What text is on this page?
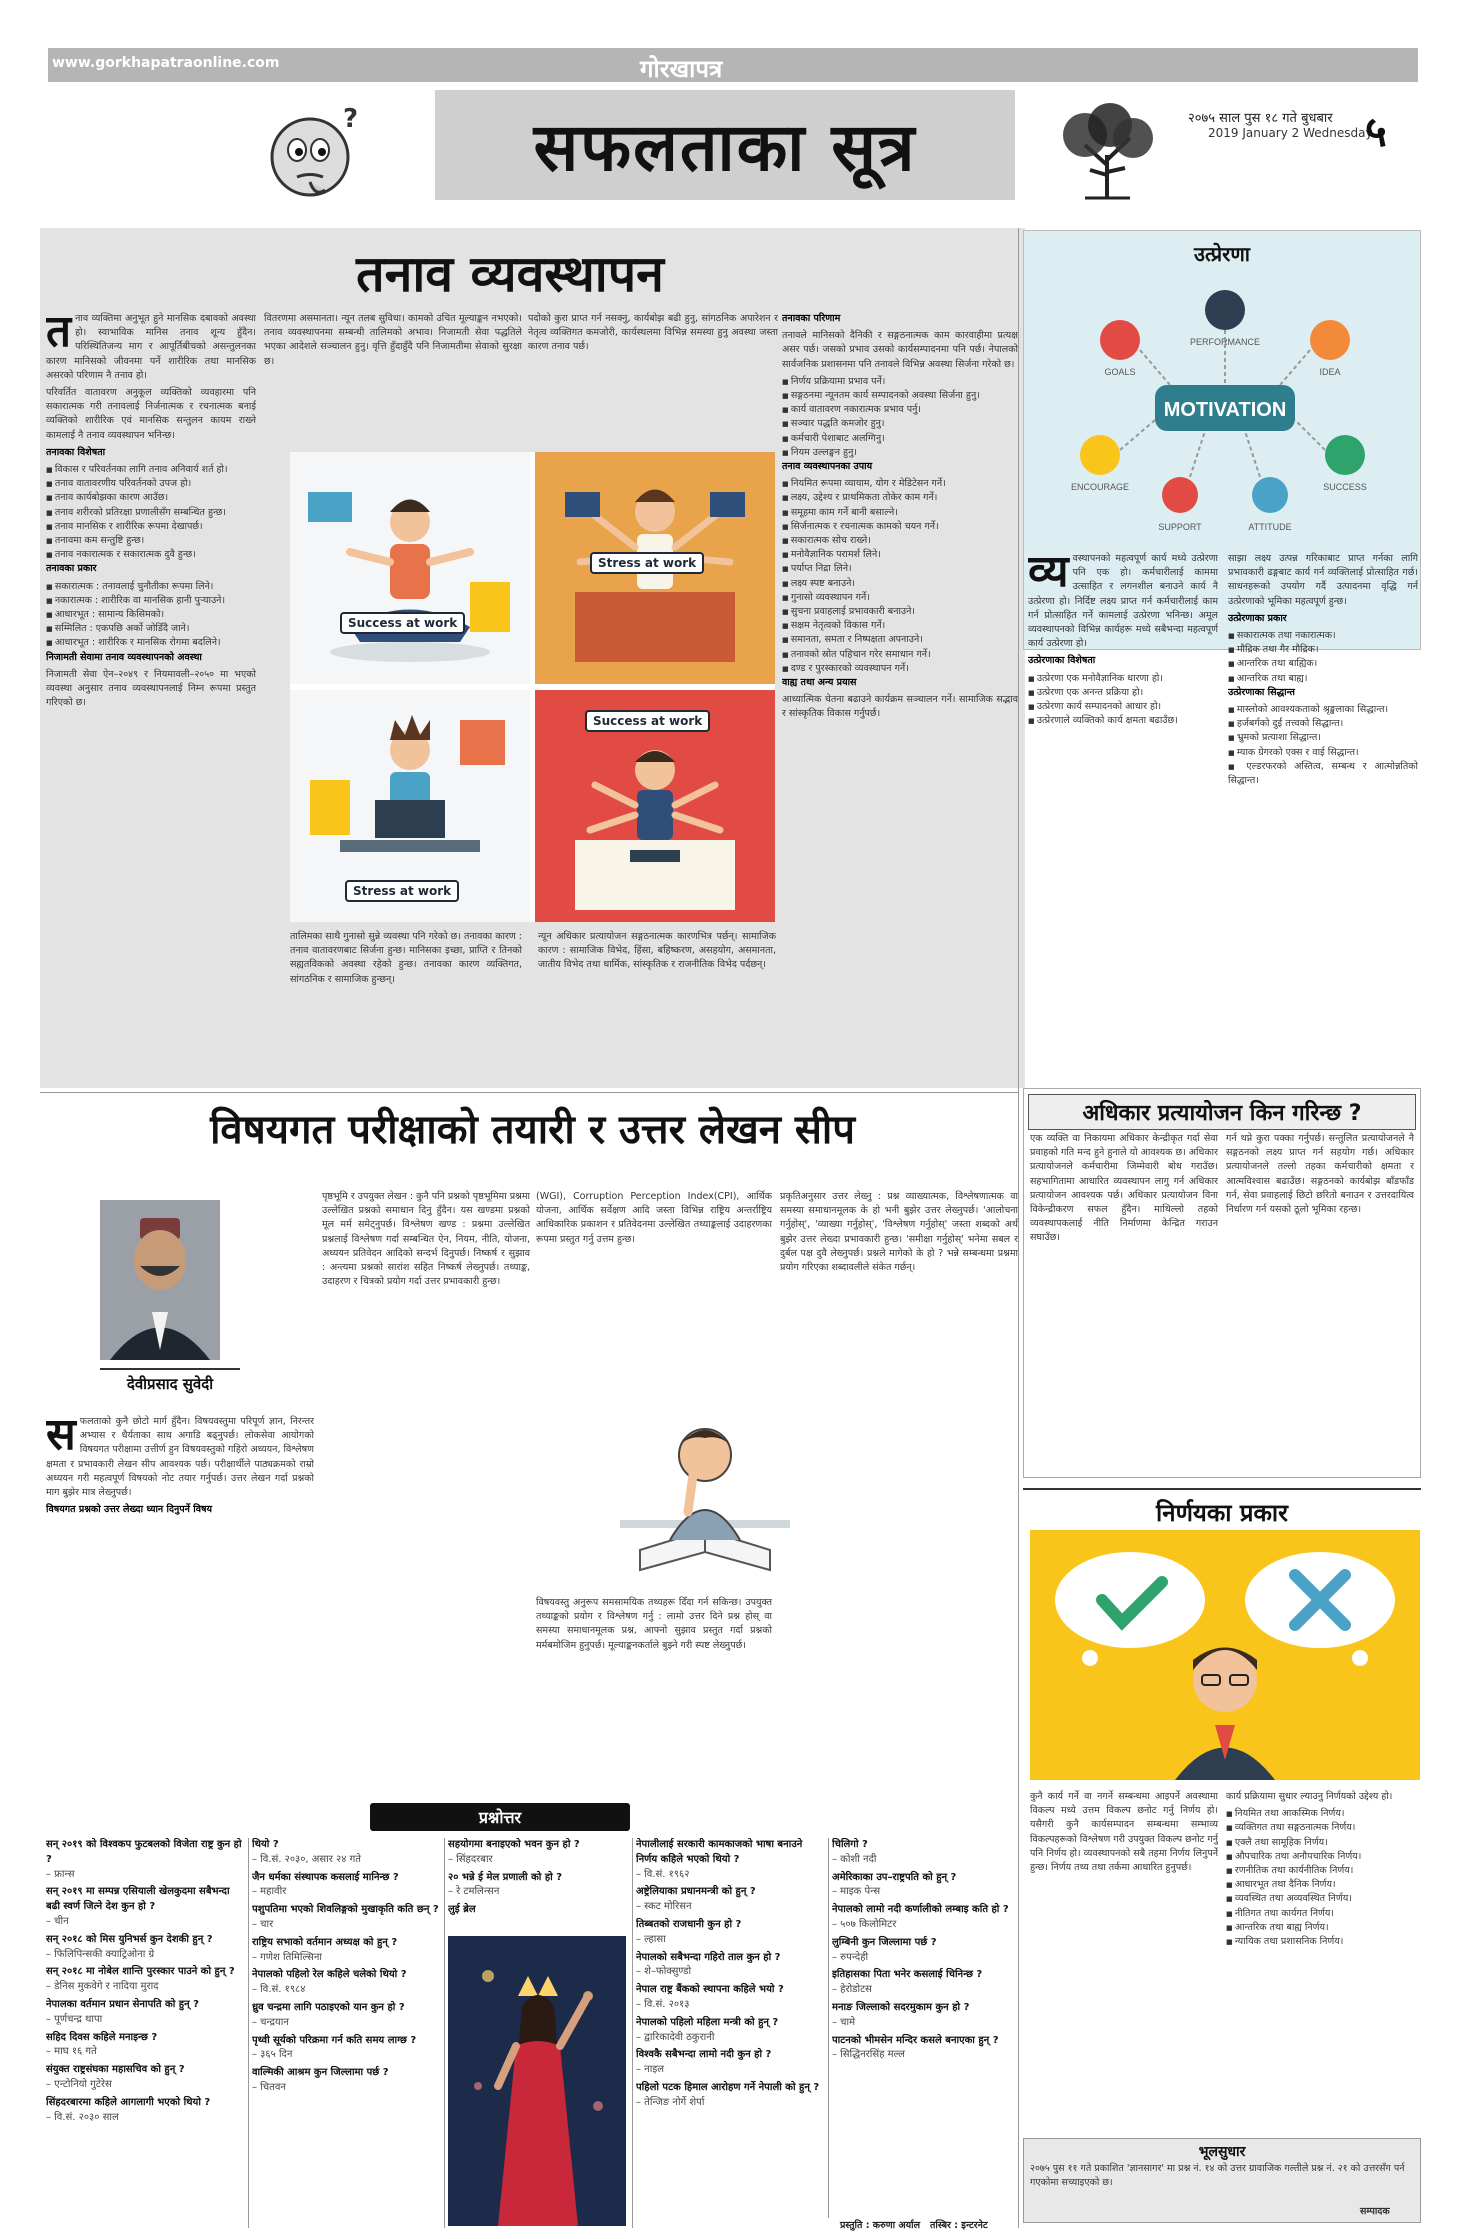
www.gorkhapatraonline.com	गोरखापत्र
सफलताका सूत्र
?	२०७५ साल पुस १८ गते बुधबार
2019 January 2 Wednesday
५
तनाव व्यवस्थापन
त नाव व्यक्तिमा अनुभूत हुने मानसिक दबावको अवस्था हो। स्वाभाविक मानिस तनाव शून्य हुँदैन। परिस्थितिजन्य माग र आपूर्तिबीचको असन्तुलनका कारण मानिसको जीवनमा पर्ने शारीरिक तथा मानसिक असरको परिणाम नै तनाव हो।

परिवर्तित वातावरण अनुकूल व्यक्तिको व्यवहारमा पनि सकारात्मक गरी तनावलाई निर्जनात्मक र रचनात्मक बनाई व्यक्तिको शारीरिक एवं मानसिक सन्तुलन कायम राख्ने कामलाई नै तनाव व्यवस्थापन भनिन्छ।

तनावका विशेषता

■ विकास र परिवर्तनका लागि तनाव अनिवार्य शर्त हो।
■ तनाव वातावरणीय परिवर्तनको उपज हो।
■ तनाव कार्यबोझका कारण आउँछ।
■ तनाव शरीरको प्रतिरक्षा प्रणालीसँग सम्बन्धित हुन्छ।
■ तनाव मानसिक र शारीरिक रूपमा देखापर्छ।
■ तनावमा कम सन्तुष्टि हुन्छ।
■ तनाव नकारात्मक र सकारात्मक दुवै हुन्छ।

तनावका प्रकार

■ सकारात्मक : तनावलाई चुनौतीका रूपमा लिने।
■ नकारात्मक : शारीरिक वा मानसिक हानी पुऱ्याउने।
■ आधारभूत : सामान्य किसिमको।
■ सम्मिलित : एकपछि अर्को जोडिँदै जाने।
■ आधारभूत : शारीरिक र मानसिक रोगमा बदलिने।

निजामती सेवामा तनाव व्यवस्थापनको अवस्था

निजामती सेवा ऐन–२०४९ र नियमावली–२०५० मा भएको व्यवस्था अनुसार तनाव व्यवस्थापनलाई निम्न रूपमा प्रस्तुत गरिएको छ।

वितरणमा असमानता। न्यून तलब सुविधा। कामको उचित मूल्याङ्कन नभएको। तनाव व्यवस्थापनमा सम्बन्धी तालिमको अभाव। निजामती सेवा पद्धतिले भएका आदेशले सञ्चालन हुनु। वृत्ति हुँदाहुँदै पनि निजामतीमा सेवाको सुरक्षा छ।
पदोको कुरा प्राप्त गर्न नसक्नु, कार्यबोझ बढी हुनु, सांगठनिक अपारेशन र नेतृत्व व्यक्तिगत कमजोरी, कार्यस्थलमा विभिन्न समस्या हुनु अवस्था जस्ता कारण तनाव पर्छ।

तनावका परिणाम

तनावले मानिसको दैनिकी र सङ्गठनात्मक काम कारवाहीमा प्रत्यक्ष असर पर्छ। जसको प्रभाव उसको कार्यसम्पादनमा पनि पर्छ। नेपालको सार्वजनिक प्रशासनमा पनि तनावले विभिन्न अवस्था सिर्जना गरेको छ।

■ निर्णय प्रक्रियामा प्रभाव पर्ने।
■ सङ्गठनमा न्यूनतम कार्य सम्पादनको अवस्था सिर्जना हुनु।
■ कार्य वातावरण नकारात्मक प्रभाव पर्नु।
■ सञ्चार पद्धति कमजोर हुनु।
■ कर्मचारी पेशाबाट अलग्गिनु।
■ नियम उल्लङ्घन हुनु।

तनाव व्यवस्थापनका उपाय

■ नियमित रूपमा व्यायाम, योग र मेडिटेसन गर्ने।
■ लक्ष्य, उद्देश्य र प्राथमिकता तोकेर काम गर्ने।
■ समूहमा काम गर्ने बानी बसाल्ने।
■ सिर्जनात्मक र रचनात्मक कामको चयन गर्ने।
■ सकारात्मक सोच राख्ने।
■ मनोवैज्ञानिक परामर्श लिने।
■ पर्याप्त निद्रा लिने।
■ लक्ष्य स्पष्ट बनाउने।
■ गुनासो व्यवस्थापन गर्ने।
■ सुचना प्रवाहलाई प्रभावकारी बनाउने।
■ सक्षम नेतृत्वको विकास गर्ने।
■ समानता, समता र निष्पक्षता अपनाउने।
■ तनावको स्रोत पहिचान गरेर समाधान गर्ने।
■ दण्ड र पुरस्कारको व्यवस्थापन गर्ने।

वाह्य तथा अन्य प्रयास

आध्यात्मिक चेतना बढाउने कार्यक्रम सञ्चालन गर्ने। सामाजिक सद्भाव र सांस्कृतिक विकास गर्नुपर्छ।

तालिमका साथै गुनासो सुन्ने व्यवस्था पनि गरेको छ। तनावका कारण : तनाव वातावरणबाट सिर्जना हुन्छ। मानिसका इच्छा, प्राप्ति र तिनको सह्यतविकको अवस्था रहेको हुन्छ। तनावका कारण व्यक्तिगत, सांगठनिक र सामाजिक हुन्छन्।
न्यून अधिकार प्रत्यायोजन सङ्गठनात्मक कारणभित्र पर्छन्। सामाजिक कारण : सामाजिक विभेद, हिंसा, बहिष्करण, असहयोग, असमानता, जातीय विभेद तथा धार्मिक, सांस्कृतिक र राजनीतिक विभेद पर्दछन्।
Success at work
Stress at work
Stress at work
Success at work
उत्प्रेरणा
MOTIVATION
GOALS
PERFORMANCE
IDEA
ENCOURAGE	SUCCESS
SUPPORT	ATTITUDE
व्य वस्थापनको महत्वपूर्ण कार्य मध्ये उत्प्रेरणा पनि एक हो। कर्मचारीलाई काममा उत्साहित र लगनशील बनाउने कार्य नै उत्प्रेरणा हो। निर्दिष्ट लक्ष्य प्राप्त गर्न कर्मचारीलाई काम गर्न प्रोत्साहित गर्ने कामलाई उत्प्रेरणा भनिन्छ। अमूल व्यवस्थापनको विभिन्न कार्यहरू मध्ये सबैभन्दा महत्वपूर्ण कार्य उत्प्रेरणा हो।

उत्प्रेरणाका विशेषता

■ उत्प्रेरणा एक मनोवैज्ञानिक धारणा हो।
■ उत्प्रेरणा एक अनन्त प्रक्रिया हो।
■ उत्प्रेरणा कार्य सम्पादनको आधार हो।
■ उत्प्रेरणाले व्यक्तिको कार्य क्षमता बढाउँछ।

साझा लक्ष्य उत्पन्न गरिकाबाट प्राप्त गर्नका लागि प्रभावकारी ढङ्गबाट कार्य गर्न व्यक्तिलाई प्रोत्साहित गर्छ। साधनहरूको उपयोग गर्दै उत्पादनमा वृद्धि गर्न उत्प्रेरणाको भूमिका महत्वपूर्ण हुन्छ।

उत्प्रेरणाका प्रकार

■ सकारात्मक तथा नकारात्मक।
■ मौद्रिक तथा गैर मौद्रिक।
■ आन्तरिक तथा बाह्यिक।
■ आन्तरिक तथा बाह्य।

उत्प्रेरणाका सिद्धान्त

■ मास्लोको आवश्यकताको श्रृङ्खलाका सिद्धान्त।
■ हर्जबर्गको दुई तत्त्वको सिद्धान्त।
■ भ्रुमको प्रत्याशा सिद्धान्त।
■ म्याक ग्रेगरको एक्स र वाई सिद्धान्त।
■ एल्डरफरको अस्तित्व, सम्बन्ध र आत्मोन्नतिको सिद्धान्त।
अधिकार प्रत्यायोजन किन गरिन्छ ?
एक व्यक्ति वा निकायमा अधिकार केन्द्रीकृत गर्दा सेवा प्रवाहको गति मन्द हुने हुनाले यो आवश्यक छ। अधिकार प्रत्यायोजनले कर्मचारीमा जिम्मेवारी बोध गराउँछ। सहभागितामा आधारित व्यवस्थापन लागु गर्न अधिकार प्रत्यायोजन आवश्यक पर्छ। अधिकार प्रत्यायोजन विना विकेन्द्रीकरण सफल हुँदैन। माथिल्लो तहको व्यवस्थापकलाई नीति निर्माणमा केन्द्रित गराउन सघाउँछ।
गर्न थप्ने कुरा पक्का गर्नुपर्छ। सन्तुलित प्रत्यायोजनले नै सङ्गठनको लक्ष्य प्राप्त गर्न सहयोग गर्छ। अधिकार प्रत्यायोजनले तल्लो तहका कर्मचारीको क्षमता र आत्मविश्वास बढाउँछ। सङ्गठनको कार्यबोझ बाँडफाँड गर्न, सेवा प्रवाहलाई छिटो छरितो बनाउन र उत्तरदायित्व निर्धारण गर्न यसको ठूलो भूमिका रहन्छ।
निर्णयका प्रकार
कुनै कार्य गर्ने वा नगर्ने सम्बन्धमा आइपर्ने अवस्थामा विकल्प मध्ये उत्तम विकल्प छनोट गर्नु निर्णय हो। यसैगरी कुनै कार्यसम्पादन सम्बन्धमा सम्भाव्य विकल्पहरूको विश्लेषण गरी उपयुक्त विकल्प छनोट गर्नु पनि निर्णय हो। व्यवस्थापनको सबै तहमा निर्णय लिनुपर्ने हुन्छ। निर्णय तथ्य तथा तर्कमा आधारित हुनुपर्छ।

कार्य प्रक्रियामा सुधार ल्याउनु निर्णयको उद्देश्य हो।

■ नियमित तथा आकस्मिक निर्णय।
■ व्यक्तिगत तथा सङ्गठनात्मक निर्णय।
■ एक्लै तथा सामूहिक निर्णय।
■ औपचारिक तथा अनौपचारिक निर्णय।
■ रणनीतिक तथा कार्यनीतिक निर्णय।
■ आधारभूत तथा दैनिक निर्णय।
■ व्यवस्थित तथा अव्यवस्थित निर्णय।
■ नीतिगत तथा कार्यगत निर्णय।
■ आन्तरिक तथा बाह्य निर्णय।
■ न्यायिक तथा प्रशासनिक निर्णय।
भूलसुधार
२०७५ पुस ११ गते प्रकाशित 'ज्ञानसागर' मा प्रश्न नं. १४ को उत्तर ग्रावाजिक गल्तीले प्रश्न नं. २१ को उत्तरसँग पर्न गएकोमा सच्याइएको छ।
सम्पादक
विषयगत परीक्षाको तयारी र उत्तर लेखन सीप
देवीप्रसाद सुवेदी
स फलताको कुनै छोटो मार्ग हुँदैन। विषयवस्तुमा परिपूर्ण ज्ञान, निरन्तर अभ्यास र धैर्यताका साथ अगाडि बढ्नुपर्छ। लोकसेवा आयोगको विषयगत परीक्षामा उत्तीर्ण हुन विषयवस्तुको गहिरो अध्ययन, विश्लेषण क्षमता र प्रभावकारी लेखन सीप आवश्यक पर्छ। परीक्षार्थीले पाठ्यक्रमको राम्रो अध्ययन गरी महत्वपूर्ण विषयको नोट तयार गर्नुपर्छ। उत्तर लेखन गर्दा प्रश्नको माग बुझेर मात्र लेख्नुपर्छ।

विषयगत प्रश्नको उत्तर लेख्दा ध्यान दिनुपर्ने विषय

पृष्ठभूमि र उपयुक्त लेखन : कुनै पनि प्रश्नको पृष्ठभूमिमा प्रश्नमा उल्लेखित प्रश्नको समाधान दिनु हुँदैन। यस खण्डमा प्रश्नको मूल मर्म समेट्नुपर्छ। विश्लेषण खण्ड : प्रश्नमा उल्लेखित प्रश्नलाई विश्लेषण गर्दा सम्बन्धित ऐन, नियम, नीति, योजना, अध्ययन प्रतिवेदन आदिको सन्दर्भ दिनुपर्छ। निष्कर्ष र सुझाव : अन्त्यमा प्रश्नको सारांश सहित निष्कर्ष लेख्नुपर्छ। तथ्याङ्क, उदाहरण र चित्रको प्रयोग गर्दा उत्तर प्रभावकारी हुन्छ।
(WGI), Corruption Perception Index(CPI), आर्थिक योजना, आर्थिक सर्वेक्षण आदि जस्ता विभिन्न राष्ट्रिय अन्तर्राष्ट्रिय आधिकारिक प्रकाशन र प्रतिवेदनमा उल्लेखित तथ्याङ्कलाई उदाहरणका रूपमा प्रस्तुत गर्नु उत्तम हुन्छ।
विषयवस्तु अनुरूप समसामयिक तथ्यहरू दिँदा गर्न सकिन्छ। उपयुक्त तथ्याङ्कको प्रयोग र विश्लेषण गर्नु : लामो उत्तर दिने प्रश्न होस् वा समस्या समाधानमूलक प्रश्न, आफ्नो सुझाव प्रस्तुत गर्दा प्रश्नको मर्मबमोजिम हुनुपर्छ। मूल्याङ्कनकर्ताले बुझ्ने गरी स्पष्ट लेख्नुपर्छ।
प्रकृतिअनुसार उत्तर लेख्नु : प्रश्न व्याख्यात्मक, विश्लेषणात्मक वा समस्या समाधानमूलक के हो भनी बुझेर उत्तर लेख्नुपर्छ। 'आलोचना गर्नुहोस्', 'व्याख्या गर्नुहोस्', 'विश्लेषण गर्नुहोस्' जस्ता शब्दको अर्थ बुझेर उत्तर लेख्दा प्रभावकारी हुन्छ। 'समीक्षा गर्नुहोस्' भनेमा सबल र दुर्बल पक्ष दुवै लेख्नुपर्छ। प्रश्नले मागेको के हो ? भन्ने सम्बन्धमा प्रश्नमा प्रयोग गरिएका शब्दावलीले संकेत गर्छन्।
प्रश्नोत्तर
सन् २०१९ को विश्वकप फुटबलको विजेता राष्ट्र कुन हो ?
– फ्रान्स
सन् २०१९ मा सम्पन्न एसियाली खेलकुदमा सबैभन्दा बढी स्वर्ण जित्ने देश कुन हो ?
– चीन
सन् २०१८ को मिस युनिभर्स कुन देशकी हुन् ?
– फिलिपिन्सकी क्याट्रिओना ग्रे
सन् २०१८ मा नोबेल शान्ति पुरस्कार पाउने को हुन् ?
– डेनिस मुकवेगे र नादिया मुराद
नेपालका वर्तमान प्रधान सेनापति को हुन् ?
– पूर्णचन्द्र थापा
सहिद दिवस कहिले मनाइन्छ ?
– माघ १६ गते
संयुक्त राष्ट्रसंघका महासचिव को हुन् ?
– एन्टोनियो गुटेरेस
सिंहदरबारमा कहिले आगलागी भएको थियो ?
– वि.सं. २०३० साल
थियो ?
– वि.सं. २०३०, असार २४ गते
जैन धर्मका संस्थापक कसलाई मानिन्छ ?
– महावीर
पशुपतिमा भएको शिवलिङ्गको मुखाकृति कति छन् ?
– चार
राष्ट्रिय सभाको वर्तमान अध्यक्ष को हुन् ?
– गणेश तिमिल्सिना
नेपालको पहिलो रेल कहिले चलेको थियो ?
– वि.सं. १९८४
ध्रुव चन्द्रमा लागि पठाइएको यान कुन हो ?
– चन्द्रयान
पृथ्वी सूर्यको परिक्रमा गर्न कति समय लाग्छ ?
– ३६५ दिन
वाल्मिकी आश्रम कुन जिल्लामा पर्छ ?
– चितवन
सहयोगमा बनाइएको भवन कुन हो ?
– सिंहदरबार
२० भन्ने ई मेल प्रणाली को हो ?
– रे टमलिन्सन
लुई ब्रेल
नेपालीलाई सरकारी कामकाजको भाषा बनाउने निर्णय कहिले भएको थियो ?
– वि.सं. १९६२
अष्ट्रेलियाका प्रधानमन्त्री को हुन् ?
– स्कट मोरिसन
तिब्बतको राजधानी कुन हो ?
– ल्हासा
नेपालको सबैभन्दा गहिरो ताल कुन हो ?
– शे–फोक्सुण्डो
नेपाल राष्ट्र बैंकको स्थापना कहिले भयो ?
– वि.सं. २०१३
नेपालको पहिलो महिला मन्त्री को हुन् ?
– द्वारिकादेवी ठकुरानी
विश्वकै सबैभन्दा लामो नदी कुन हो ?
– नाइल
पहिलो पटक हिमाल आरोहण गर्ने नेपाली को हुन् ?
– तेन्जिङ नोर्गे शेर्पा
चिलिगो ?
– कोशी नदी
अमेरिकाका उप–राष्ट्रपति को हुन् ?
– माइक पेन्स
नेपालको लामो नदी कर्णालीको लम्बाइ कति हो ?
– ५०७ किलोमिटर
लुम्बिनी कुन जिल्लामा पर्छ ?
– रुपन्देही
इतिहासका पिता भनेर कसलाई चिनिन्छ ?
– हेरोडोटस
मनाङ जिल्लाको सदरमुकाम कुन हो ?
– चामे
पाटनको भीमसेन मन्दिर कसले बनाएका हुन् ?
– सिद्धिनरसिंह मल्ल
प्रस्तुति : करुणा अर्याल तस्बिर : इन्टरनेट
